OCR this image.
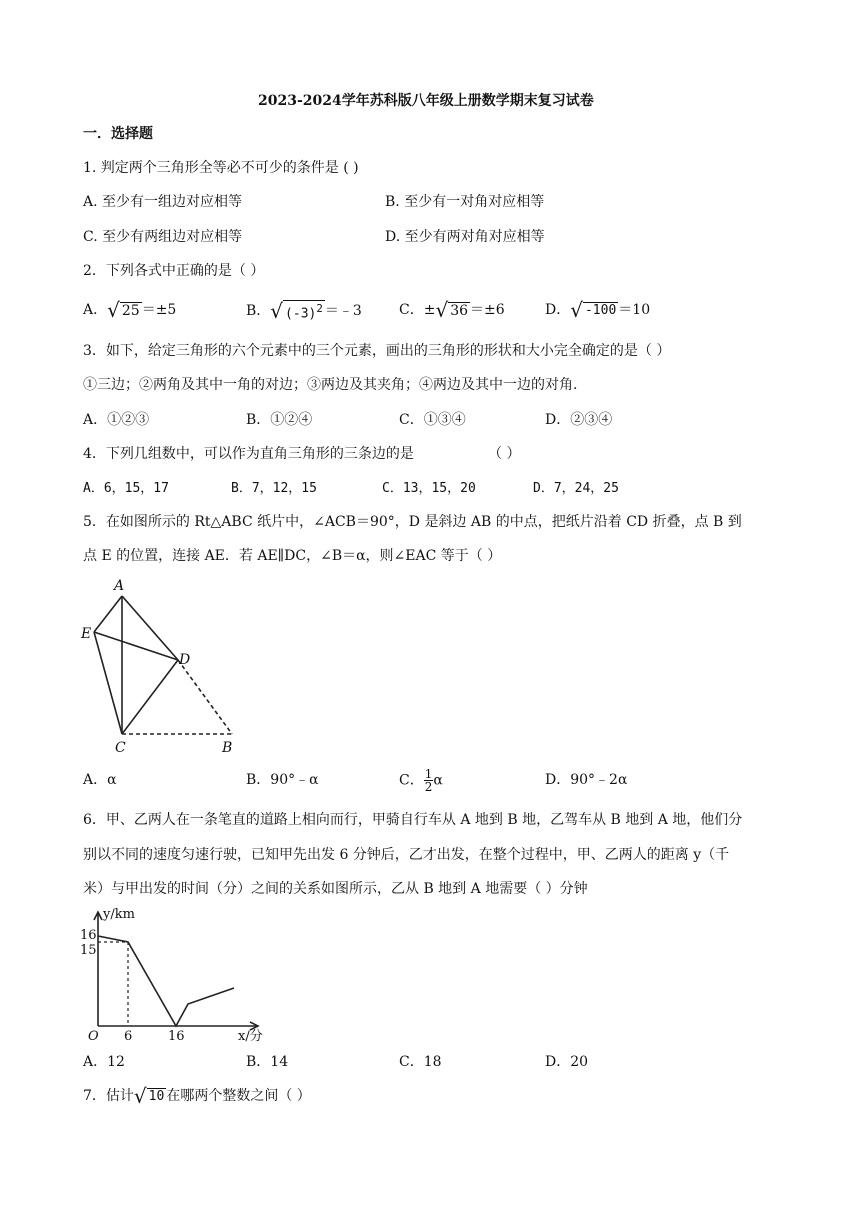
2023-2024学年苏科版八年级上册数学期末复习试卷
一．选择题
1. 判定两个三角形全等必不可少的条件是 ( )
A. 至少有一组边对应相等	B. 至少有一对角对应相等
C. 至少有两组边对应相等	D. 至少有两对角对应相等
2．下列各式中正确的是（ ）
A．√ 25 ＝±5	B．√ $(-3)^2$ ＝﹣3	C．±√ 36 ＝±6	D．√ -100 ＝10
3．如下，给定三角形的六个元素中的三个元素，画出的三角形的形状和大小完全确定的是（ ）
①三边；②两角及其中一角的对边；③两边及其夹角；④两边及其中一边的对角.
A．①②③	B．①②④	C．①③④	D．②③④
4．下列几组数中，可以作为直角三角形的三条边的是	（ ）
A．6，15，17	B．7，12，15	C．13，15，20	D．7，24，25
5．在如图所示的 Rt△ABC 纸片中，∠ACB＝90°，D 是斜边 AB 的中点，把纸片沿着 CD 折叠，点 B 到
点 E 的位置，连接 AE．若 AE∥DC，∠B＝α，则∠EAC 等于（ ）
A
E
D
C	B
A．α	B．90°﹣α	C． $\frac{1}{2}$ α	D．90°﹣2α
6．甲、乙两人在一条笔直的道路上相向而行，甲骑自行车从 A 地到 B 地，乙驾车从 B 地到 A 地，他们分
别以不同的速度匀速行驶，已知甲先出发 6 分钟后，乙才出发，在整个过程中，甲、乙两人的距离 y（千
米）与甲出发的时间（分）之间的关系如图所示，乙从 B 地到 A 地需要（ ）分钟
y/km
x/分
O
16
15
6	16
A．12	B．14	C．18	D．20
7．估计√ 10 在哪两个整数之间（ ）
